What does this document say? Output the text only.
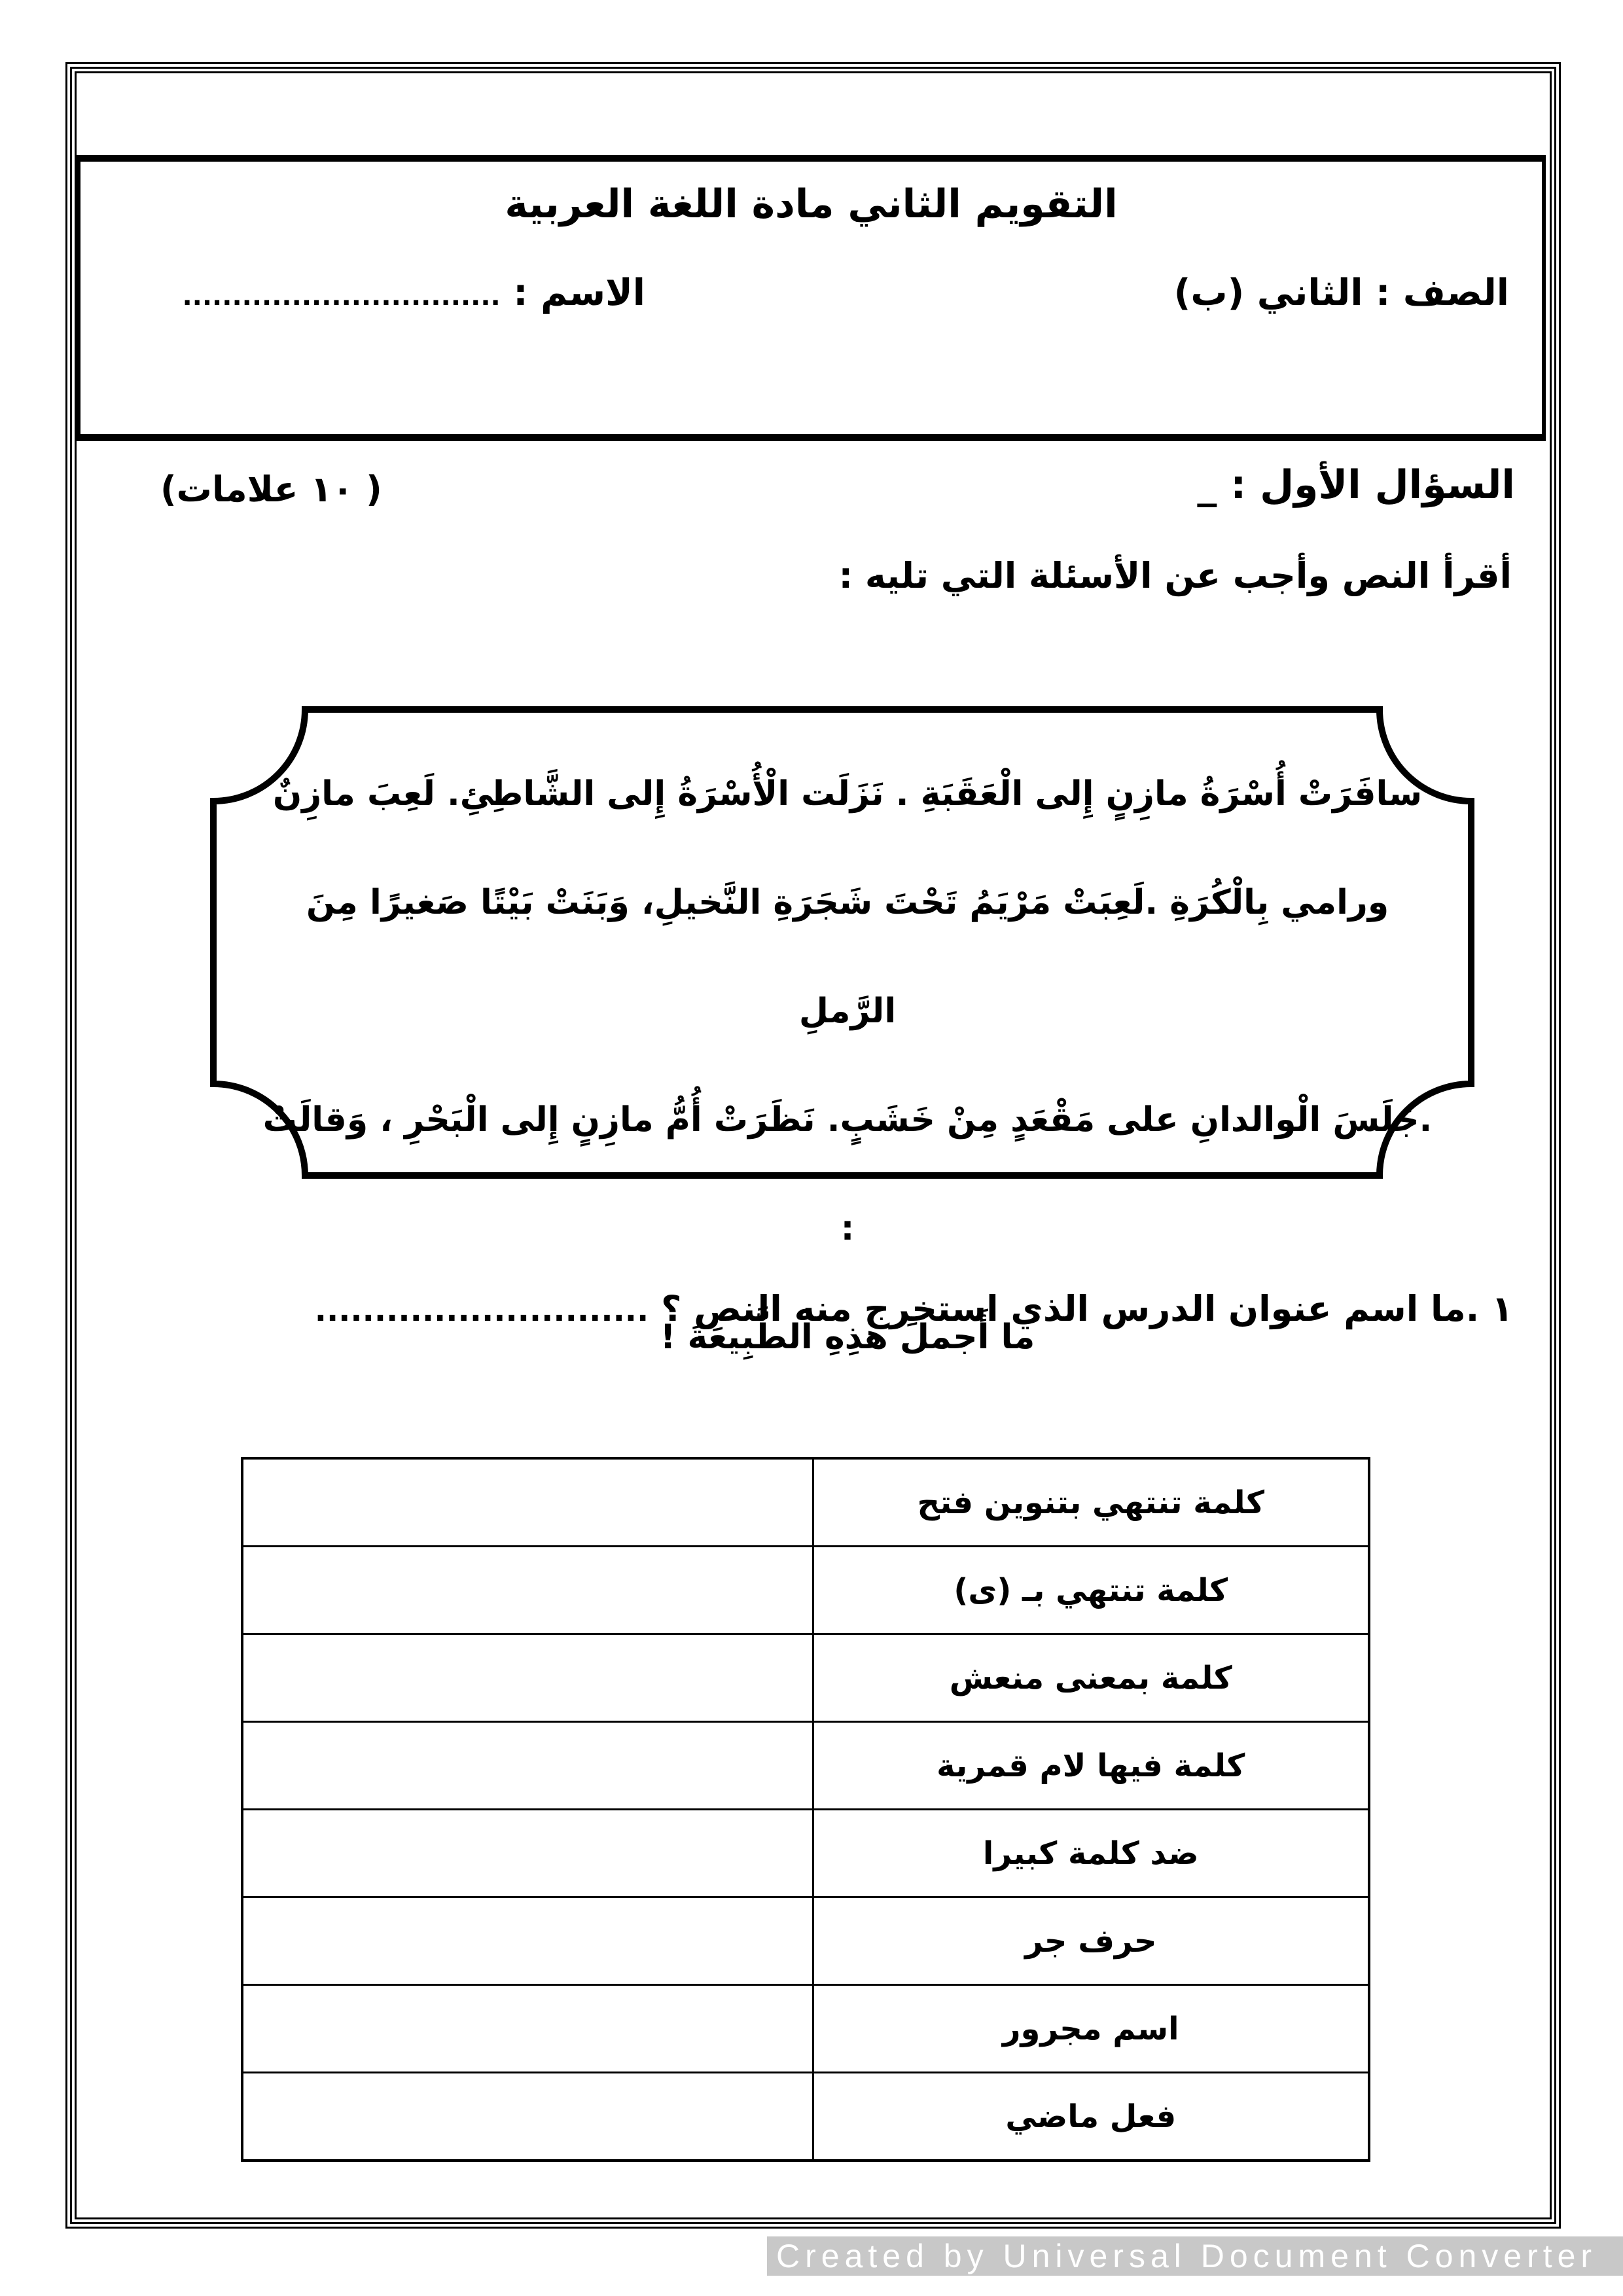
التقويم الثاني مادة اللغة العربية
الصف : الثاني (ب)
الاسم : ................................
السؤال الأول : _
( ١٠ علامات)
أقرأ النص وأجب عن الأسئلة التي تليه :
سافَرَتْ أُسْرَةُ مازِنٍ إِلى الْعَقَبَةِ . نَزَلَت الْأُسْرَةُ إِلى الشَّاطِئِ. لَعِبَ مازِنٌ
ورامي بِالْكُرَةِ .لَعِبَتْ مَرْيَمُ تَحْتَ شَجَرَةِ النَّخيلِ، وَبَنَتْ بَيْتًا صَغيرًا مِنَ الرَّملِ
.جَلَسَ الْوالدانِ على مَقْعَدٍ مِنْ خَشَبٍ. نَظَرَتْ أُمُّ مازِنٍ إِلى الْبَحْرِ ، وَقالَتْ :
ما أَجملَ هذِهِ الطَّبِيعَةَ !
١ .ما اسم عنوان الدرس الذي استخرج منه النص ؟ ............................
كلمة تنتهي بتنوين فتح	
كلمة تنتهي بـ (ى)	
كلمة بمعنى منعش	
كلمة فيها لام قمرية	
ضد كلمة كبيرا	
حرف جر	
اسم مجرور	
فعل ماضي	
Created by Universal Document Converter
